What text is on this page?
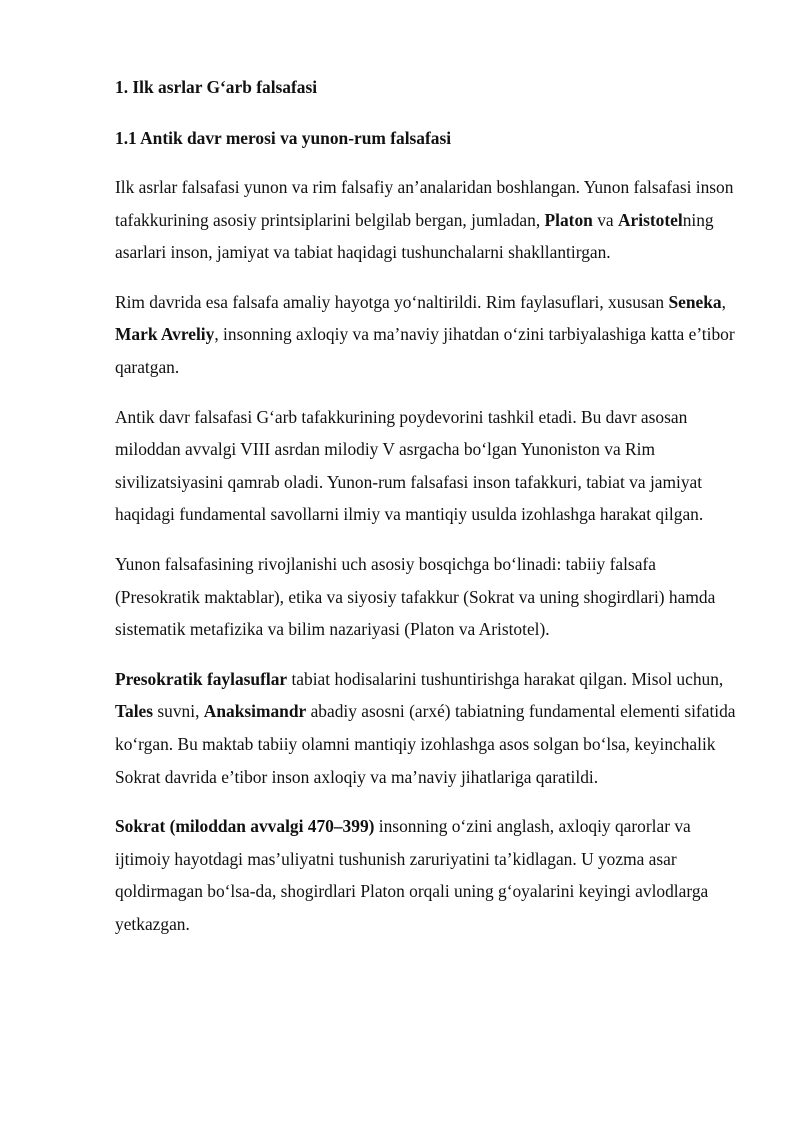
1. Ilk asrlar G‘arb falsafasi
1.1 Antik davr merosi va yunon-rum falsafasi

Ilk asrlar falsafasi yunon va rim falsafiy an’analaridan boshlangan. Yunon falsafasi inson tafakkurining asosiy printsiplarini belgilab bergan, jumladan, Platon va Aristotelning asarlari inson, jamiyat va tabiat haqidagi tushunchalarni shakllantirgan.

Rim davrida esa falsafa amaliy hayotga yo‘naltirildi. Rim faylasuflari, xususan Seneka, Mark Avreliy, insonning axloqiy va ma’naviy jihatdan o‘zini tarbiyalashiga katta e’tibor qaratgan.

Antik davr falsafasi G‘arb tafakkurining poydevorini tashkil etadi. Bu davr asosan miloddan avvalgi VIII asrdan milodiy V asrgacha bo‘lgan Yunoniston va Rim sivilizatsiyasini qamrab oladi. Yunon-rum falsafasi inson tafakkuri, tabiat va jamiyat haqidagi fundamental savollarni ilmiy va mantiqiy usulda izohlashga harakat qilgan.

Yunon falsafasining rivojlanishi uch asosiy bosqichga bo‘linadi: tabiiy falsafa (Presokratik maktablar), etika va siyosiy tafakkur (Sokrat va uning shogirdlari) hamda sistematik metafizika va bilim nazariyasi (Platon va Aristotel).

Presokratik faylasuflar tabiat hodisalarini tushuntirishga harakat qilgan. Misol uchun, Tales suvni, Anaksimandr abadiy asosni (arxé) tabiatning fundamental elementi sifatida ko‘rgan. Bu maktab tabiiy olamni mantiqiy izohlashga asos solgan bo‘lsa, keyinchalik Sokrat davrida e’tibor inson axloqiy va ma’naviy jihatlariga qaratildi.

Sokrat (miloddan avvalgi 470–399) insonning o‘zini anglash, axloqiy qarorlar va ijtimoiy hayotdagi mas’uliyatni tushunish zaruriyatini ta’kidlagan. U yozma asar qoldirmagan bo‘lsa-da, shogirdlari Platon orqali uning g‘oyalarini keyingi avlodlarga yetkazgan.
